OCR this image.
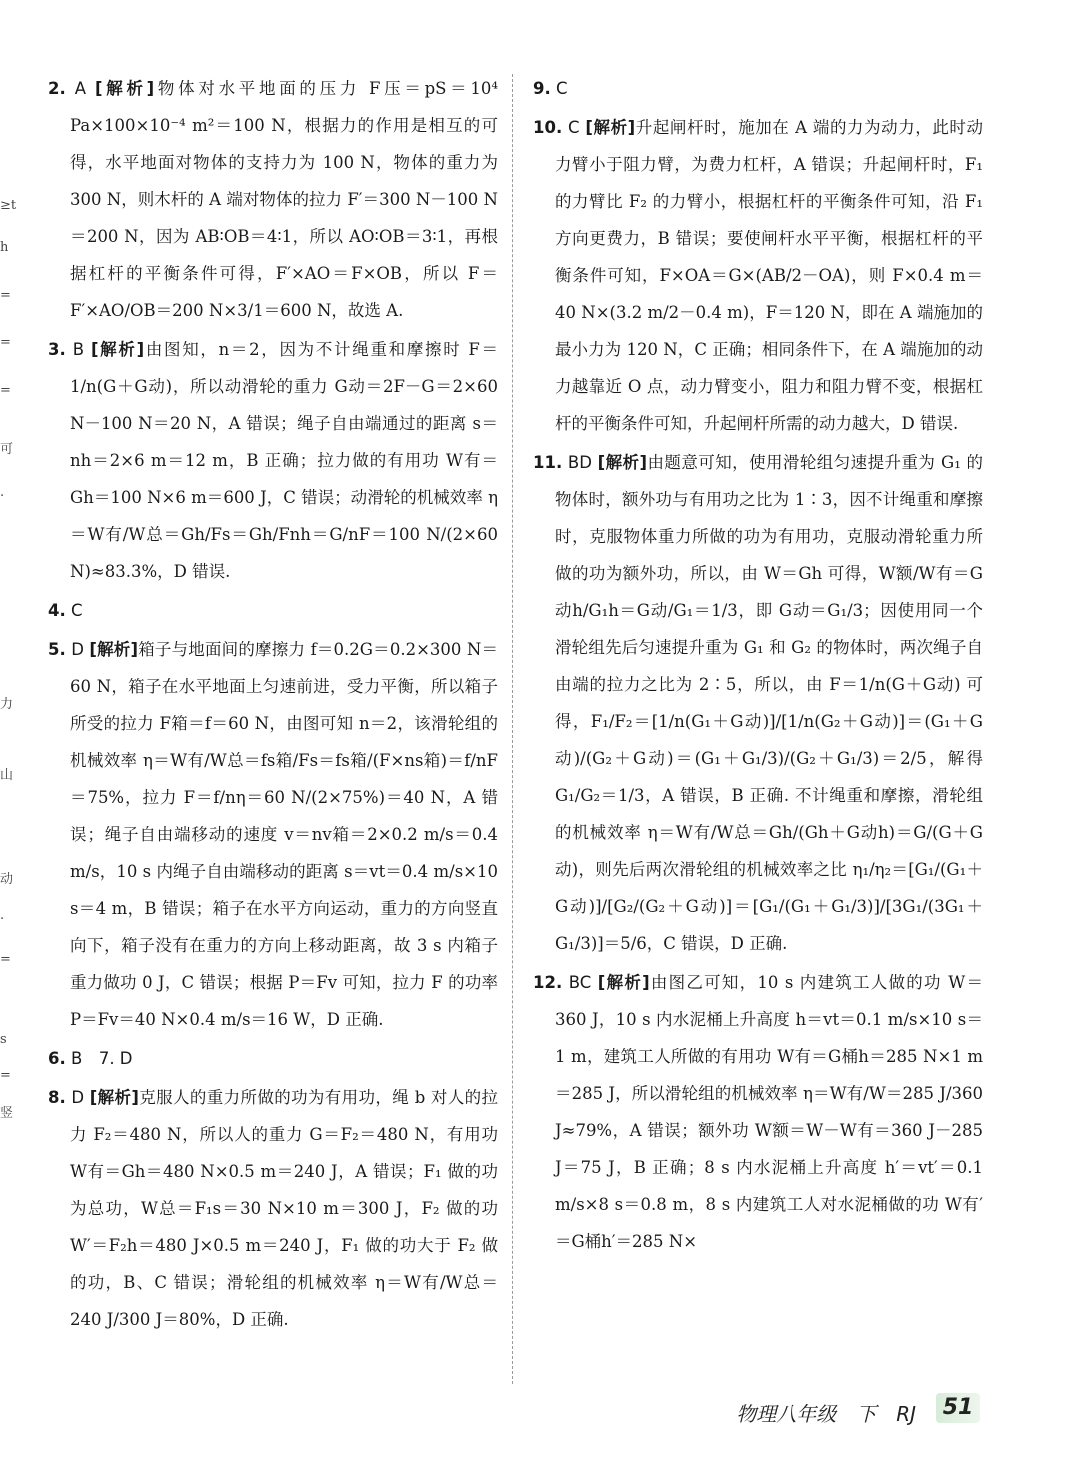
≥t
h
=
=
=
可
.
力
山
动
.
=
s
=
竖
2. A [解析]物体对水平地面的压力 F压＝pS＝10⁴ Pa×100×10⁻⁴ m²＝100 N，根据力的作用是相互的可得，水平地面对物体的支持力为 100 N，物体的重力为 300 N，则木杆的 A 端对物体的拉力 F′＝300 N－100 N＝200 N，因为 AB∶OB＝4∶1，所以 AO∶OB＝3∶1，再根据杠杆的平衡条件可得，F′×AO＝F×OB，所以 F＝F′×AO/OB＝200 N×3/1＝600 N，故选 A.
3. B [解析]由图知，n＝2，因为不计绳重和摩擦时 F＝1/n(G＋G动)，所以动滑轮的重力 G动＝2F－G＝2×60 N－100 N＝20 N，A 错误；绳子自由端通过的距离 s＝nh＝2×6 m＝12 m，B 正确；拉力做的有用功 W有＝Gh＝100 N×6 m＝600 J，C 错误；动滑轮的机械效率 η＝W有/W总＝Gh/Fs＝Gh/Fnh＝G/nF＝100 N/(2×60 N)≈83.3%，D 错误.
4. C
5. D [解析]箱子与地面间的摩擦力 f＝0.2G＝0.2×300 N＝60 N，箱子在水平地面上匀速前进，受力平衡，所以箱子所受的拉力 F箱＝f＝60 N，由图可知 n＝2，该滑轮组的机械效率 η＝W有/W总＝fs箱/Fs＝fs箱/(F×ns箱)＝f/nF＝75%，拉力 F＝f/nη＝60 N/(2×75%)＝40 N，A 错误；绳子自由端移动的速度 v＝nv箱＝2×0.2 m/s＝0.4 m/s，10 s 内绳子自由端移动的距离 s＝vt＝0.4 m/s×10 s＝4 m，B 错误；箱子在水平方向运动，重力的方向竖直向下，箱子没有在重力的方向上移动距离，故 3 s 内箱子重力做功 0 J，C 错误；根据 P＝Fv 可知，拉力 F 的功率 P＝Fv＝40 N×0.4 m/s＝16 W，D 正确.
6. B　7. D
8. D [解析]克服人的重力所做的功为有用功，绳 b 对人的拉力 F₂＝480 N，所以人的重力 G＝F₂＝480 N，有用功 W有＝Gh＝480 N×0.5 m＝240 J，A 错误；F₁ 做的功为总功，W总＝F₁s＝30 N×10 m＝300 J，F₂ 做的功 W′＝F₂h＝480 J×0.5 m＝240 J，F₁ 做的功大于 F₂ 做的功，B、C 错误；滑轮组的机械效率 η＝W有/W总＝240 J/300 J＝80%，D 正确.
9. C
10. C [解析]升起闸杆时，施加在 A 端的力为动力，此时动力臂小于阻力臂，为费力杠杆，A 错误；升起闸杆时，F₁ 的力臂比 F₂ 的力臂小，根据杠杆的平衡条件可知，沿 F₁ 方向更费力，B 错误；要使闸杆水平平衡，根据杠杆的平衡条件可知，F×OA＝G×(AB/2－OA)，则 F×0.4 m＝40 N×(3.2 m/2－0.4 m)，F＝120 N，即在 A 端施加的最小力为 120 N，C 正确；相同条件下，在 A 端施加的动力越靠近 O 点，动力臂变小，阻力和阻力臂不变，根据杠杆的平衡条件可知，升起闸杆所需的动力越大，D 错误.
11. BD [解析]由题意可知，使用滑轮组匀速提升重为 G₁ 的物体时，额外功与有用功之比为 1∶3，因不计绳重和摩擦时，克服物体重力所做的功为有用功，克服动滑轮重力所做的功为额外功，所以，由 W＝Gh 可得，W额/W有＝G动h/G₁h＝G动/G₁＝1/3，即 G动＝G₁/3；因使用同一个滑轮组先后匀速提升重为 G₁ 和 G₂ 的物体时，两次绳子自由端的拉力之比为 2∶5，所以，由 F＝1/n(G＋G动) 可得，F₁/F₂＝[1/n(G₁＋G动)]/[1/n(G₂＋G动)]＝(G₁＋G动)/(G₂＋G动)＝(G₁＋G₁/3)/(G₂＋G₁/3)＝2/5，解得 G₁/G₂＝1/3，A 错误，B 正确. 不计绳重和摩擦，滑轮组的机械效率 η＝W有/W总＝Gh/(Gh＋G动h)＝G/(G＋G动)，则先后两次滑轮组的机械效率之比 η₁/η₂＝[G₁/(G₁＋G动)]/[G₂/(G₂＋G动)]＝[G₁/(G₁＋G₁/3)]/[3G₁/(3G₁＋G₁/3)]＝5/6，C 错误，D 正确.
12. BC [解析]由图乙可知，10 s 内建筑工人做的功 W＝360 J，10 s 内水泥桶上升高度 h＝vt＝0.1 m/s×10 s＝1 m，建筑工人所做的有用功 W有＝G桶h＝285 N×1 m＝285 J，所以滑轮组的机械效率 η＝W有/W＝285 J/360 J≈79%，A 错误；额外功 W额＝W－W有＝360 J－285 J＝75 J，B 正确；8 s 内水泥桶上升高度 h′＝vt′＝0.1 m/s×8 s＝0.8 m，8 s 内建筑工人对水泥桶做的功 W有′＝G桶h′＝285 N×
物理八年级　下　RJ	51
